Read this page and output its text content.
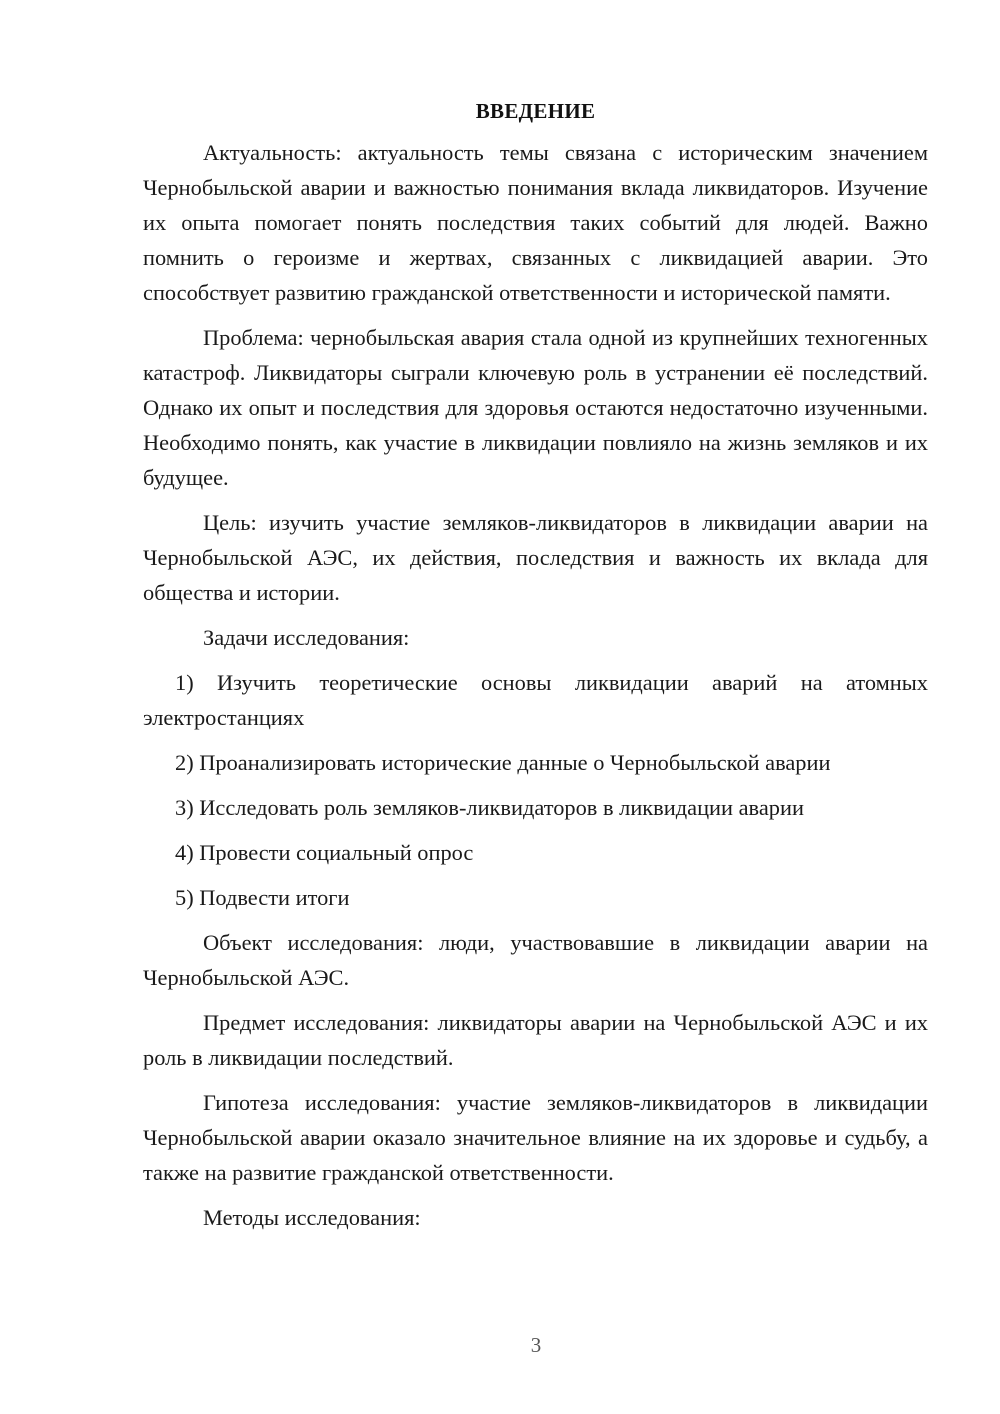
ВВЕДЕНИЕ

Актуальность: актуальность темы связана с историческим значением Чернобыльской аварии и важностью понимания вклада ликвидаторов. Изучение их опыта помогает понять последствия таких событий для людей. Важно помнить о героизме и жертвах, связанных с ликвидацией аварии. Это способствует развитию гражданской ответственности и исторической памяти.

Проблема: чернобыльская авария стала одной из крупнейших техногенных катастроф. Ликвидаторы сыграли ключевую роль в устранении её последствий. Однако их опыт и последствия для здоровья остаются недостаточно изученными. Необходимо понять, как участие в ликвидации повлияло на жизнь земляков и их будущее.

Цель: изучить участие земляков-ликвидаторов в ликвидации аварии на Чернобыльской АЭС, их действия, последствия и важность их вклада для общества и истории.

Задачи исследования:

1) Изучить теоретические основы ликвидации аварий на атомных электростанциях

2) Проанализировать исторические данные о Чернобыльской аварии

3) Исследовать роль земляков-ликвидаторов в ликвидации аварии

4) Провести социальный опрос

5) Подвести итоги

Объект исследования: люди, участвовавшие в ликвидации аварии на Чернобыльской АЭС.

Предмет исследования: ликвидаторы аварии на Чернобыльской АЭС и их роль в ликвидации последствий.

Гипотеза исследования: участие земляков-ликвидаторов в ликвидации Чернобыльской аварии оказало значительное влияние на их здоровье и судьбу, а также на развитие гражданской ответственности.

Методы исследования:

3
